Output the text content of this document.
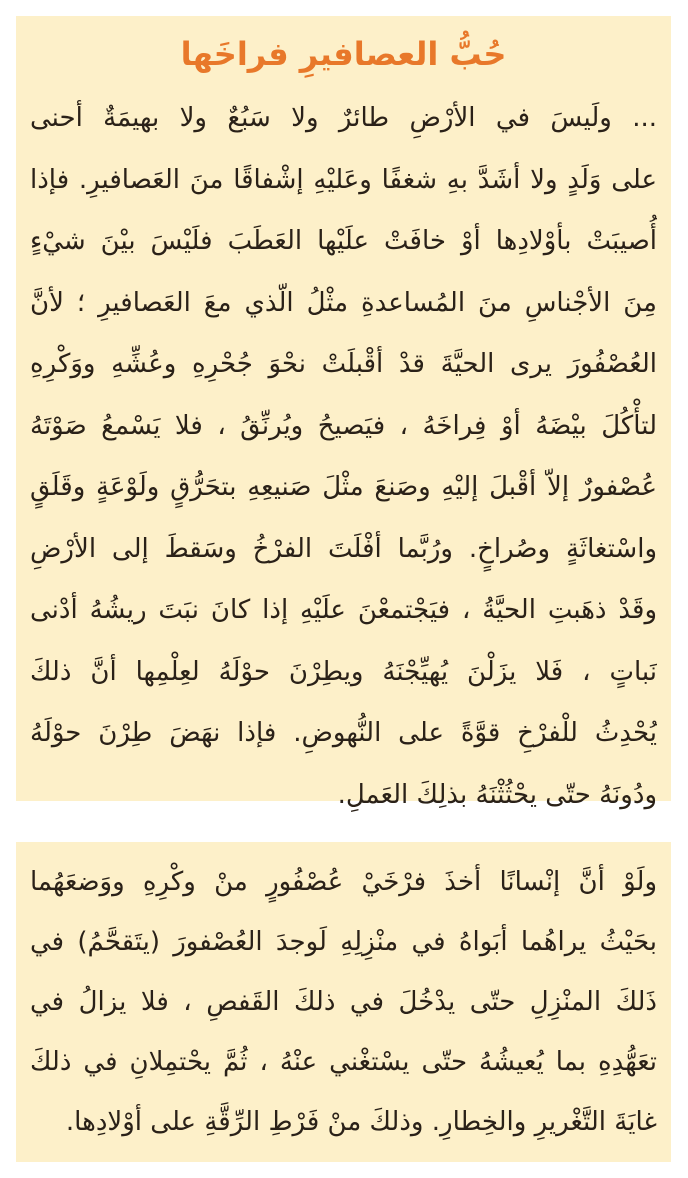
حُبُّ العصافيرِ فراخَها
... ولَيسَ في الأرْضِ طائرٌ ولا سَبُعٌ ولا بهيمَةٌ أحنى
على وَلَدٍ ولا أشَدَّ بهِ شغفًا وعَليْهِ إشْفاقًا منَ العَصافيرِ. فإذا
أُصيبَتْ بأوْلادِها أوْ خافَتْ علَيْها العَطَبَ فلَيْسَ بيْنَ شيْءٍ
مِنَ الأجْناسِ منَ المُساعدةِ مثْلُ الّذي معَ العَصافيرِ ؛ لأنَّ
العُصْفُورَ يرى الحيَّةَ قدْ أقْبلَتْ نحْوَ جُحْرِهِ وعُشِّهِ ووَكْرِهِ
لتأْكُلَ بيْضَهُ أوْ فِراخَهُ ، فيَصيحُ ويُرنِّقُ ، فلا يَسْمعُ صَوْتَهُ
عُصْفورٌ إلاّ أقْبلَ إليْهِ وصَنعَ مثْلَ صَنيعِهِ بتحَرُّقٍ ولَوْعَةٍ وقَلَقٍ
واسْتغاثَةٍ وصُراخٍ. ورُبَّما أفْلَتَ الفرْخُ وسَقطَ إلى الأرْضِ
وقَدْ ذهَبتِ الحيَّةُ ، فيَجْتمعْنَ علَيْهِ إذا كانَ نبَتَ ريشُهُ أدْنى
نَباتٍ ، فَلا يزَلْنَ يُهيِّجْنَهُ ويطِرْنَ حوْلَهُ لعِلْمِها أنَّ ذلكَ
يُحْدِثُ للْفرْخِ قوَّةً على النُّهوضِ. فإذا نهَضَ طِرْنَ حوْلَهُ
ودُونَهُ حتّى يحْثُثْنَهُ بذلِكَ العَملِ.
ولَوْ أنَّ إنْسانًا أخذَ فرْخَيْ عُصْفُورٍ منْ وكْرِهِ ووَضعَهُما
بحَيْثُ يراهُما أبَواهُ في منْزِلِهِ لَوجدَ العُصْفورَ (يتَقحَّمُ) في
ذَلكَ المنْزِلِ حتّى يدْخُلَ في ذلكَ القَفصِ ، فلا يزالُ في
تعَهُّدِهِ بما يُعيشُهُ حتّى يسْتغْني عنْهُ ، ثُمَّ يحْتمِلانِ في ذلكَ
غايَةَ التَّغْريرِ والخِطارِ. وذلكَ منْ فَرْطِ الرِّقَّةِ على أوْلادِها.
